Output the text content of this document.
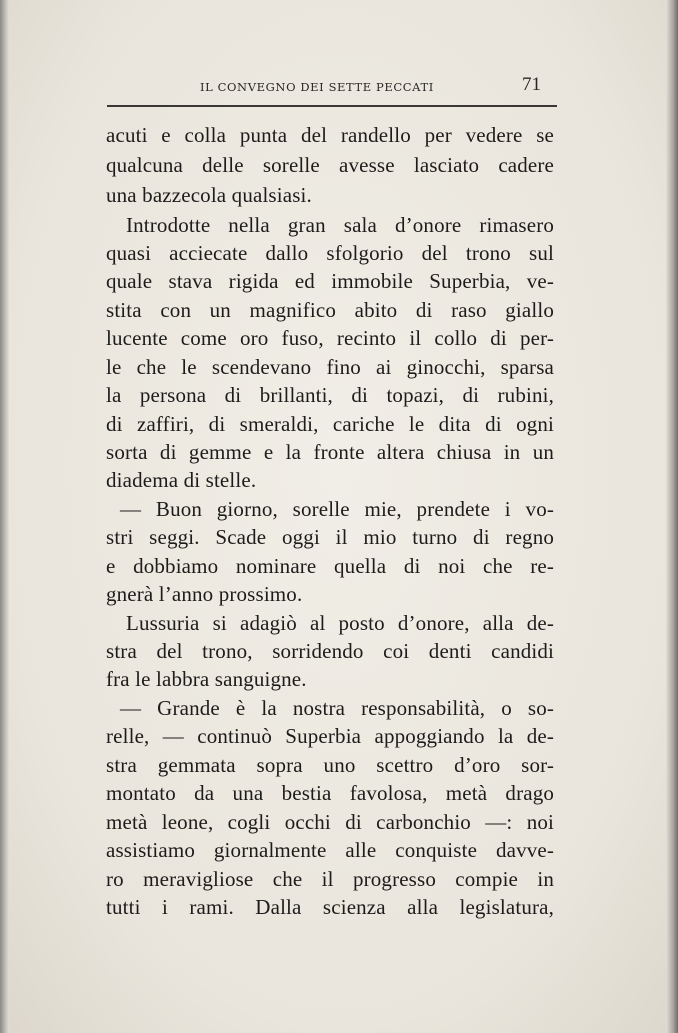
IL CONVEGNO DEI SETTE PECCATI	71
acuti e colla punta del randello per vedere se
qualcuna delle sorelle avesse lasciato cadere
una bazzecola qualsiasi.
Introdotte nella gran sala d’onore rimasero
quasi acciecate dallo sfolgorio del trono sul
quale stava rigida ed immobile Superbia, ve-
stita con un magnifico abito di raso giallo
lucente come oro fuso, recinto il collo di per-
le che le scendevano fino ai ginocchi, sparsa
la persona di brillanti, di topazi, di rubini,
di zaffiri, di smeraldi, cariche le dita di ogni
sorta di gemme e la fronte altera chiusa in un
diadema di stelle.
— Buon giorno, sorelle mie, prendete i vo-
stri seggi. Scade oggi il mio turno di regno
e dobbiamo nominare quella di noi che re-
gnerà l’anno prossimo.
Lussuria si adagiò al posto d’onore, alla de-
stra del trono, sorridendo coi denti candidi
fra le labbra sanguigne.
— Grande è la nostra responsabilità, o so-
relle, — continuò Superbia appoggiando la de-
stra gemmata sopra uno scettro d’oro sor-
montato da una bestia favolosa, metà drago
metà leone, cogli occhi di carbonchio —: noi
assistiamo giornalmente alle conquiste davve-
ro meravigliose che il progresso compie in
tutti i rami. Dalla scienza alla legislatura,
